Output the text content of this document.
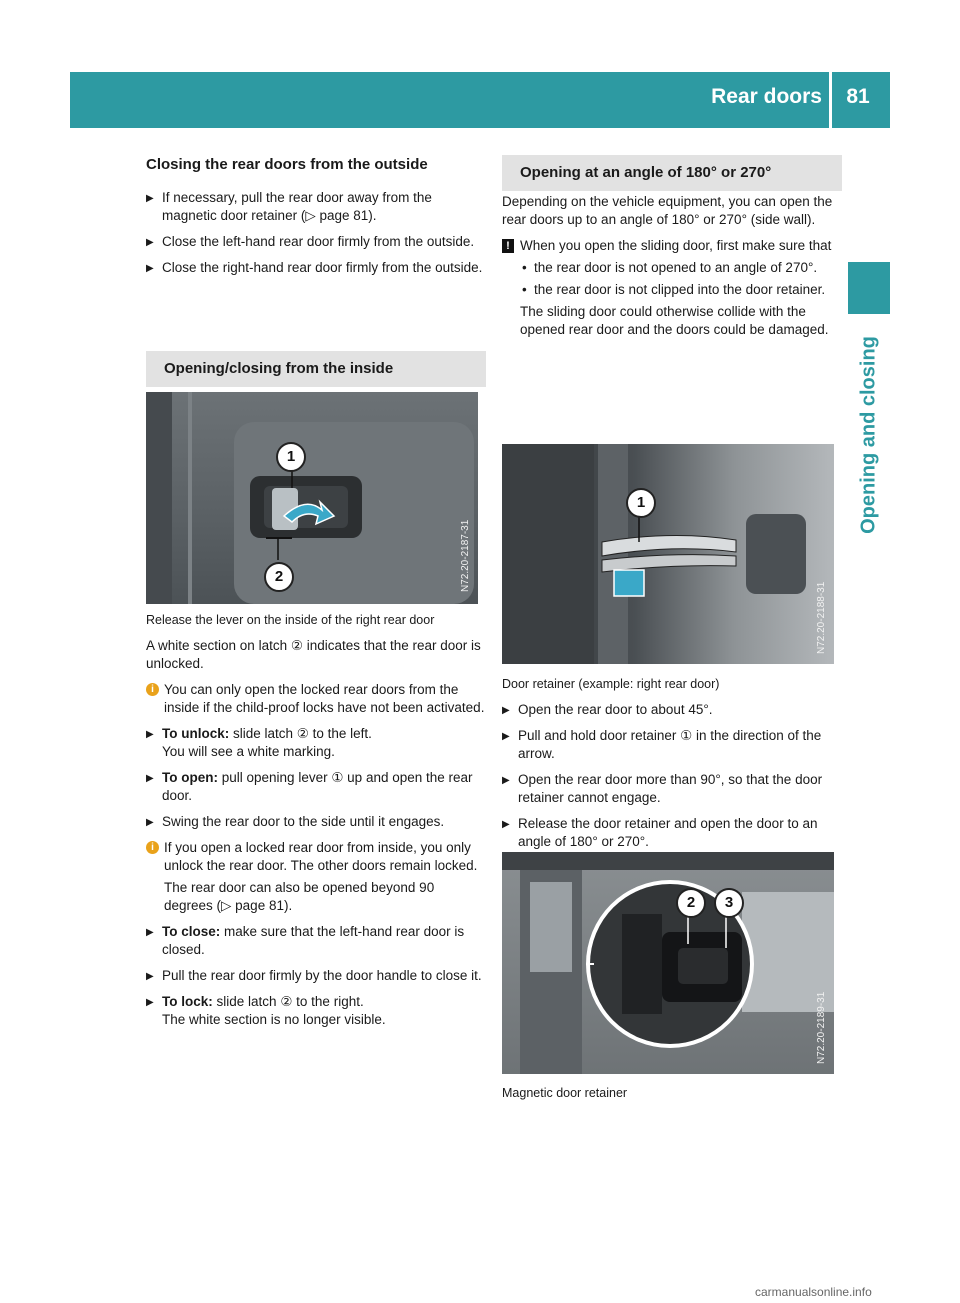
Rear doors	81
Opening and closing
Closing the rear doors from the outside
▶ If necessary, pull the rear door away from the magnetic door retainer (▷ page 81).
▶ Close the left-hand rear door firmly from the outside.
▶ Close the right-hand rear door firmly from the outside.
Opening/closing from the inside
1
2	N72.20-2187-31
Release the lever on the inside of the right rear door
A white section on latch ② indicates that the rear door is unlocked.
i You can only open the locked rear doors from the inside if the child-proof locks have not been activated.
▶ To unlock: slide latch ② to the left.
You will see a white marking.
▶ To open: pull opening lever ① up and open the rear door.
▶ Swing the rear door to the side until it engages.
i If you open a locked rear door from inside, you only unlock the rear door. The other doors remain locked.
The rear door can also be opened beyond 90 degrees (▷ page 81).
▶ To close: make sure that the left-hand rear door is closed.
▶ Pull the rear door firmly by the door handle to close it.
▶ To lock: slide latch ② to the right.
The white section is no longer visible.
Opening at an angle of 180° or 270°
Depending on the vehicle equipment, you can open the rear doors up to an angle of 180° or 270° (side wall).
! When you open the sliding door, first make sure that
• the rear door is not opened to an angle of 270°.
• the rear door is not clipped into the door retainer.
The sliding door could otherwise collide with the opened rear door and the doors could be damaged.
1
N72.20-2188-31
Door retainer (example: right rear door)
▶ Open the rear door to about 45°.
▶ Pull and hold door retainer ① in the direction of the arrow.
▶ Open the rear door more than 90°, so that the door retainer cannot engage.
▶ Release the door retainer and open the door to an angle of 180° or 270°.
2	3
N72.20-2189-31
Magnetic door retainer
carmanualsonline.info
